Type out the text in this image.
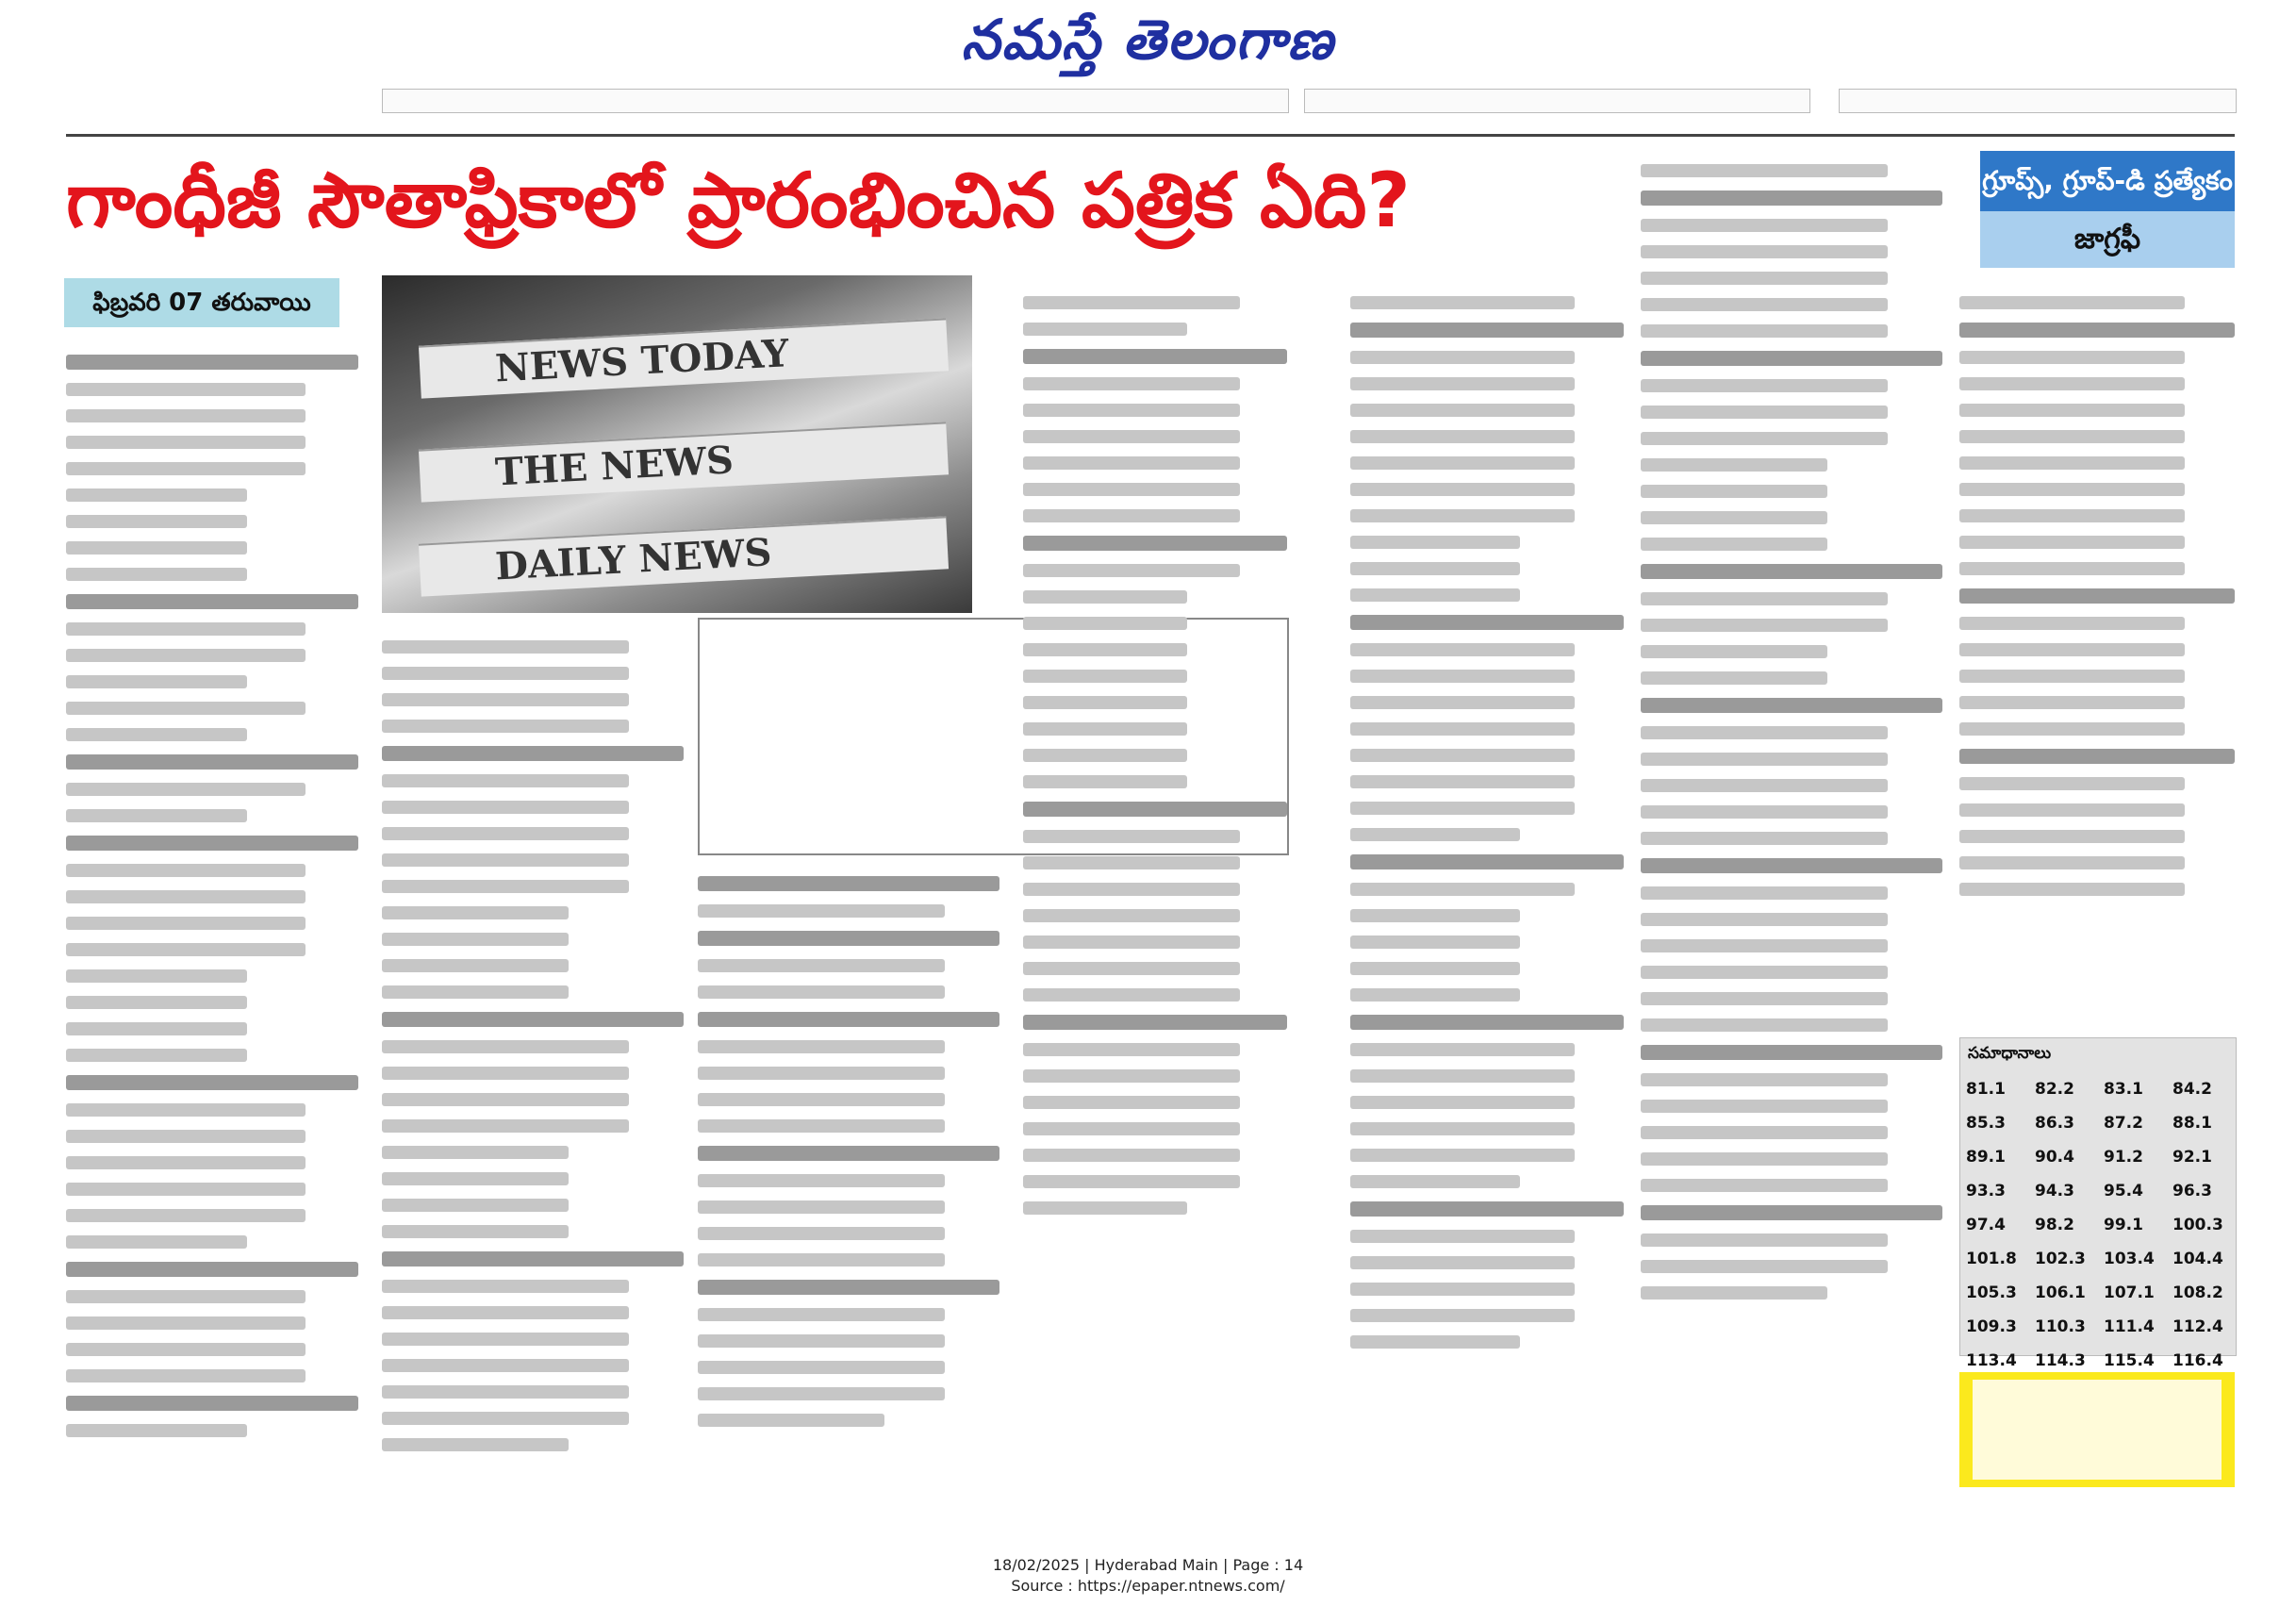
నమస్తే తెలంగాణ
గాంధీజీ సౌతాఫ్రికాలో ప్రారంభించిన పత్రిక ఏది?
ఫిబ్రవరి 07 తరువాయి
గ్రూప్స్, గ్రూప్-డి ప్రత్యేకం
జాగ్రఫీ
NEWS TODAY
THE NEWS
DAILY NEWS
సమాధానాలు
81.1	82.2	83.1	84.2
85.3	86.3	87.2	88.1
89.1	90.4	91.2	92.1
93.3	94.3	95.4	96.3
97.4	98.2	99.1	100.3
101.8	102.3	103.4	104.4
105.3	106.1	107.1	108.2
109.3	110.3	111.4	112.4
113.4	114.3	115.4	116.4
18/02/2025 | Hyderabad Main | Page : 14
Source : https://epaper.ntnews.com/
